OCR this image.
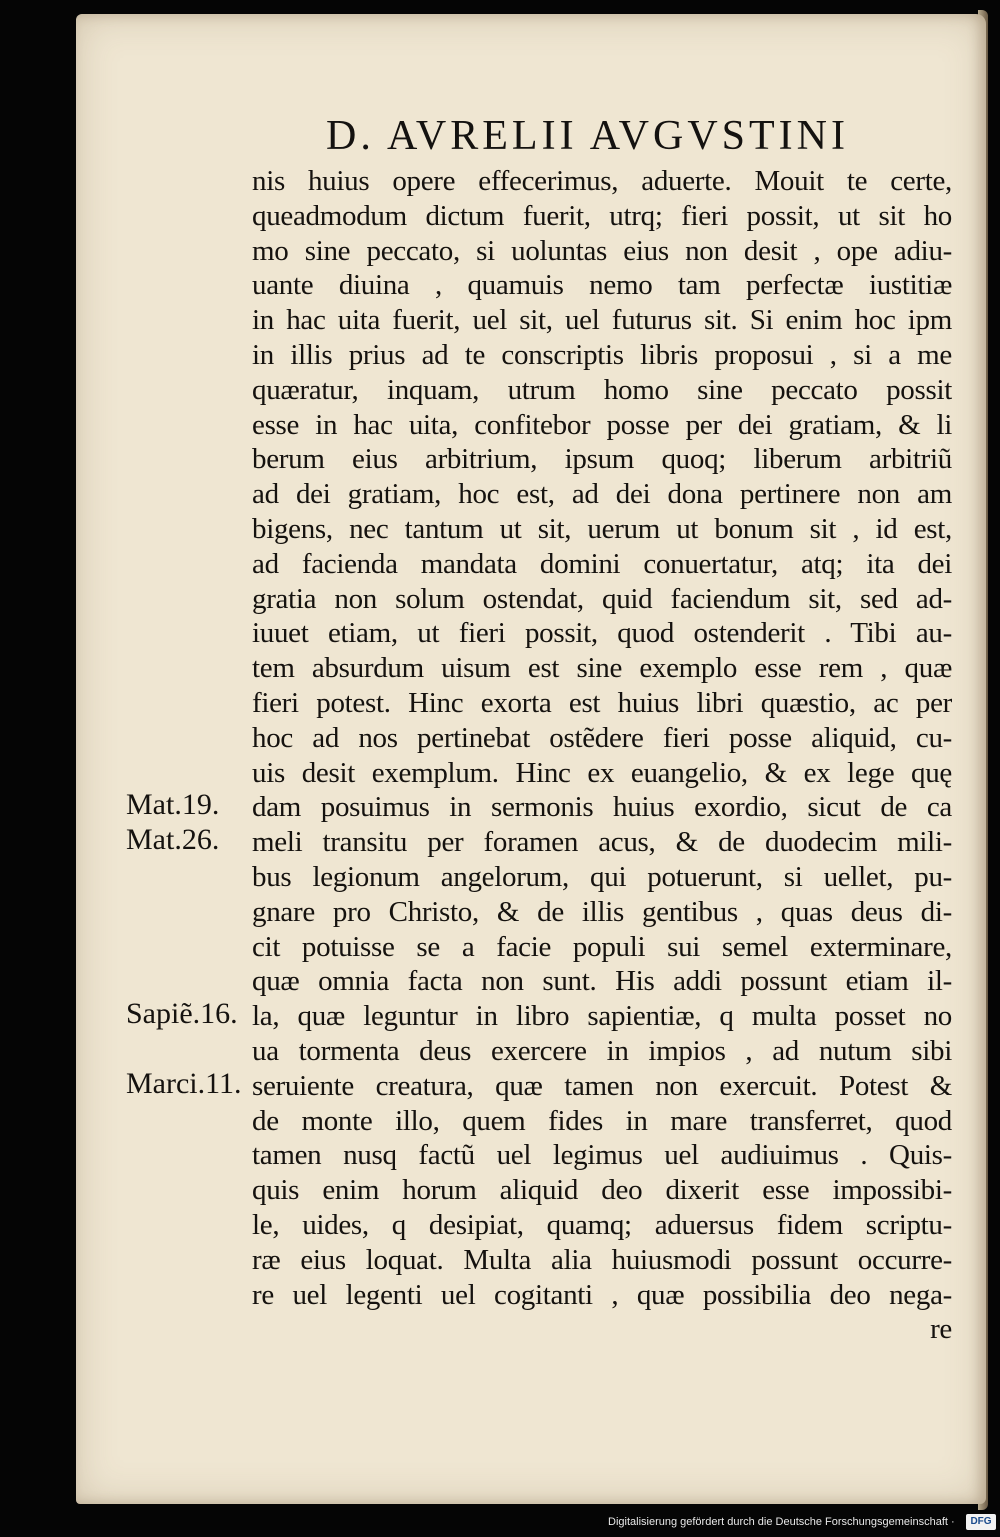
D. AVRELII AVGVSTINI
nis huius opere effecerimus, aduerte. Mouit te certe,
queadmodum dictum fuerit, utrq; fieri possit, ut sit ho
mo sine peccato, si uoluntas eius non desit , ope adiu-
uante diuina , quamuis nemo tam perfectæ iustitiæ
in hac uita fuerit, uel sit, uel futurus sit. Si enim hoc ipm
in illis prius ad te conscriptis libris proposui , si a me
quæratur, inquam, utrum homo sine peccato possit
esse in hac uita, confitebor posse per dei gratiam, & li
berum eius arbitrium, ipsum quoq; liberum arbitriũ
ad dei gratiam, hoc est, ad dei dona pertinere non am
bigens, nec tantum ut sit, uerum ut bonum sit , id est,
ad facienda mandata domini conuertatur, atq; ita dei
gratia non solum ostendat, quid faciendum sit, sed ad-
iuuet etiam, ut fieri possit, quod ostenderit . Tibi au-
tem absurdum uisum est sine exemplo esse rem , quæ
fieri potest. Hinc exorta est huius libri quæstio, ac per
hoc ad nos pertinebat ostẽdere fieri posse aliquid, cu-
uis desit exemplum. Hinc ex euangelio, & ex lege quę
dam posuimus in sermonis huius exordio, sicut de ca
meli transitu per foramen acus, & de duodecim mili-
bus legionum angelorum, qui potuerunt, si uellet, pu-
gnare pro Christo, & de illis gentibus , quas deus di-
cit potuisse se a facie populi sui semel exterminare,
quæ omnia facta non sunt. His addi possunt etiam il-
la, quæ leguntur in libro sapientiæ, q multa posset no
ua tormenta deus exercere in impios , ad nutum sibi
seruiente creatura, quæ tamen non exercuit. Potest &
de monte illo, quem fides in mare transferret, quod
tamen nusq factũ uel legimus uel audiuimus . Quis-
quis enim horum aliquid deo dixerit esse impossibi-
le, uides, q desipiat, quamq; aduersus fidem scriptu-
ræ eius loquat. Multa alia huiusmodi possunt occurre-
re uel legenti uel cogitanti , quæ possibilia deo nega-
re
Mat.19.
Mat.26.
Sapiẽ.16.
Marci.11.
Digitalisierung gefördert durch die Deutsche Forschungsgemeinschaft ·	DFG
